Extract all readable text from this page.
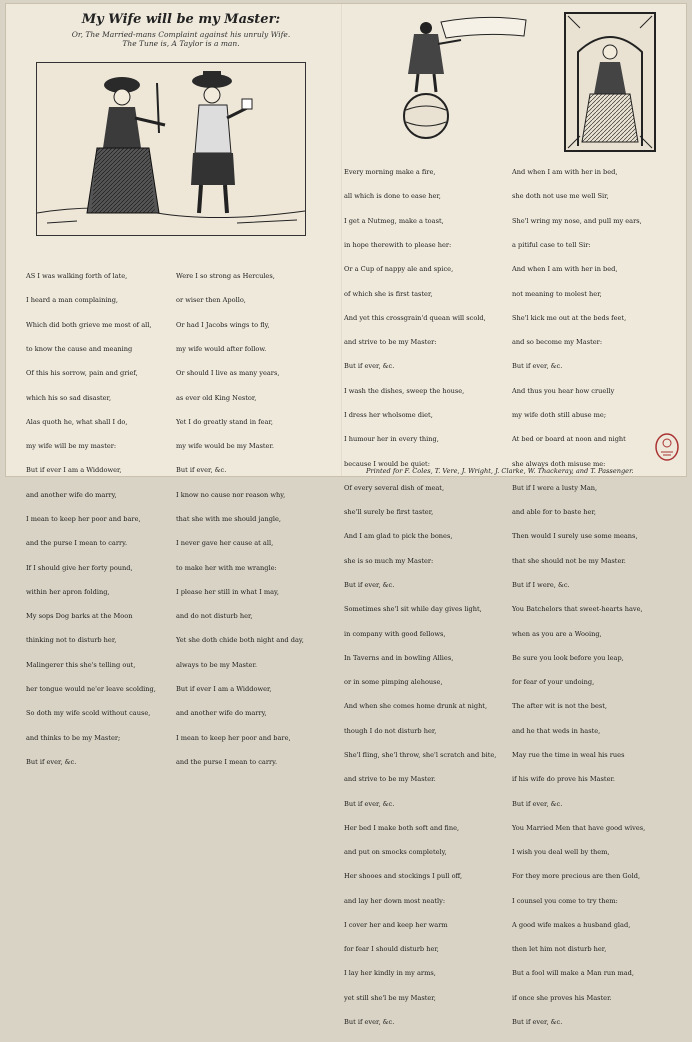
My Wife will be my Master:
Or, The Married-mans Complaint against his unruly Wife.
The Tune is, A Taylor is a man.

AS I was walking forth of late,

I heard a man complaining,

Which did both grieve me most of all,

to know the cause and meaning

Of this his sorrow, pain and grief,

which his so sad disaster,

Alas quoth he, what shall I do,

my wife will be my master:

But if ever I am a Widdower,

and another wife do marry,

I mean to keep her poor and bare,

and the purse I mean to carry.

If I should give her forty pound,

within her apron folding,

My sops Dog barks at the Moon

thinking not to disturb her,

Malingerer this she's telling out,

her tongue would ne'er leave scolding,

So doth my wife scold without cause,

and thinks to be my Master;

But if ever, &c.

Were I so strong as Hercules,

or wiser then Apollo,

Or had I Jacobs wings to fly,

my wife would after follow.

Or should I live as many years,

as ever old King Nestor,

Yet I do greatly stand in fear,

my wife would be my Master.

But if ever, &c.

I know no cause nor reason why,

that she with me should jangle,

I never gave her cause at all,

to make her with me wrangle:

I please her still in what I may,

and do not disturb her,

Yet she doth chide both night and day,

always to be my Master.

But if ever I am a Widdower,

and another wife do marry,

I mean to keep her poor and bare,

and the purse I mean to carry.

Every morning make a fire,

all which is done to ease her,

I get a Nutmeg, make a toast,

in hope therewith to please her:

Or a Cup of nappy ale and spice,

of which she is first taster,

And yet this crossgrain'd quean will scold,

and strive to be my Master:

But if ever, &c.

I wash the dishes, sweep the house,

I dress her wholsome diet,

I humour her in every thing,

because I would be quiet:

Of every several dish of meat,

she'll surely be first taster,

And I am glad to pick the bones,

she is so much my Master:

But if ever, &c.

Sometimes she'l sit while day gives light,

in company with good fellows,

In Taverns and in bowling Allies,

or in some pimping alehouse,

And when she comes home drunk at night,

though I do not disturb her,

She'l fling, she'l throw, she'l scratch and bite,

and strive to be my Master.

But if ever, &c.

Her bed I make both soft and fine,

and put on smocks completely,

Her shooes and stockings I pull off,

and lay her down most neatly:

I cover her and keep her warm

for fear I should disturb her,

I lay her kindly in my arms,

yet still she'l be my Master,

But if ever, &c.

And when I am with her in bed,

she doth not use me well Sir,

She'l wring my nose, and pull my ears,

a pitiful case to tell Sir:

And when I am with her in bed,

not meaning to molest her,

She'l kick me out at the beds feet,

and so become my Master:

But if ever, &c.

And thus you hear how cruelly

my wife doth still abuse me;

At bed or board at noon and night

she always doth misuse me:

But if I were a lusty Man,

and able for to baste her,

Then would I surely use some means,

that she should not be my Master.

But if I were, &c.

You Batchelors that sweet-hearts have,

when as you are a Wooing,

Be sure you look before you leap,

for fear of your undoing,

The after wit is not the best,

and he that weds in haste,

May rue the time in weal his rues

if his wife do prove his Master.

But if ever, &c.

You Married Men that have good wives,

I wish you deal well by them,

For they more precious are then Gold,

I counsel you come to try them:

A good wife makes a husband glad,

then let him not disturb her,

But a fool will make a Man run mad,

if once she proves his Master.

But if ever, &c.

Printed for F. Coles, T. Vere, J. Wright, J. Clarke, W. Thackeray, and T. Passenger.
